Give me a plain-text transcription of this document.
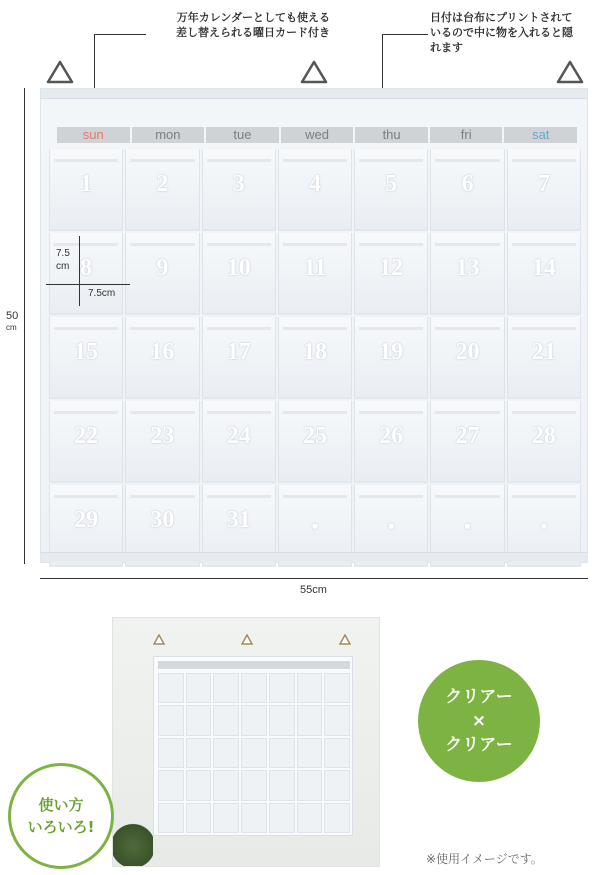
万年カレンダーとしても使える
差し替えられる曜日カード付き
日付は台布にプリントされて
いるので中に物を入れると隠
れます
sun	mon	tue	wed	thu	fri	sat
1	2	3	4	5	6	7
8	9	10	11	12	13	14
15	16	17	18	19	20	21
22	23	24	25	26	27	28
29	30	31	・	・	・	・
7.5
cm
7.5cm
50
cm
55cm
クリアー
×
クリアー
使い方
いろいろ!
※使用イメージです。
